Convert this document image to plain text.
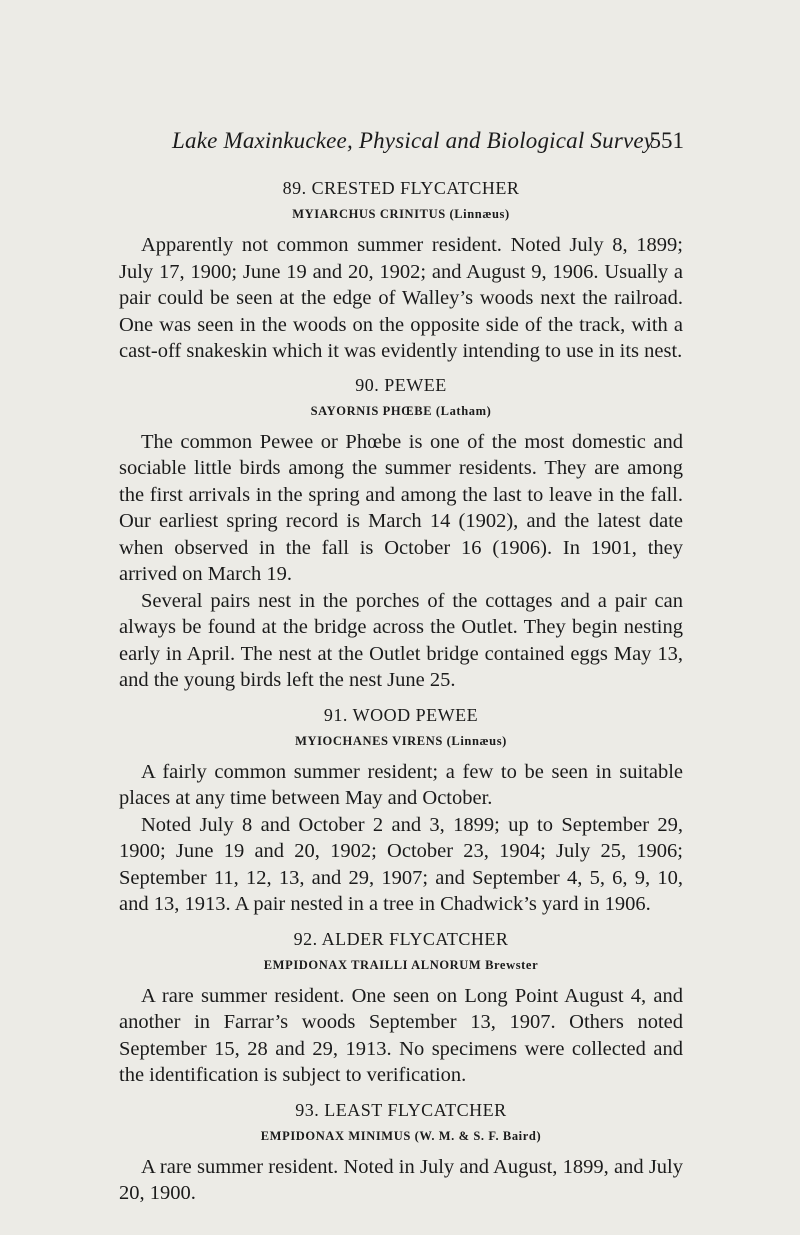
Lake Maxinkuckee, Physical and Biological Survey
551
89. CRESTED FLYCATCHER
MYIARCHUS CRINITUS (Linnæus)

Apparently not common summer resident. Noted July 8, 1899; July 17, 1900; June 19 and 20, 1902; and August 9, 1906. Usually a pair could be seen at the edge of Walley’s woods next the railroad. One was seen in the woods on the opposite side of the track, with a cast-off snakeskin which it was evidently intending to use in its nest.

90. PEWEE
SAYORNIS PHŒBE (Latham)

The common Pewee or Phœbe is one of the most domestic and sociable little birds among the summer residents. They are among the first arrivals in the spring and among the last to leave in the fall. Our earliest spring record is March 14 (1902), and the latest date when observed in the fall is October 16 (1906). In 1901, they arrived on March 19.

Several pairs nest in the porches of the cottages and a pair can always be found at the bridge across the Outlet. They begin nesting early in April. The nest at the Outlet bridge contained eggs May 13, and the young birds left the nest June 25.

91. WOOD PEWEE
MYIOCHANES VIRENS (Linnæus)

A fairly common summer resident; a few to be seen in suitable places at any time between May and October.

Noted July 8 and October 2 and 3, 1899; up to September 29, 1900; June 19 and 20, 1902; October 23, 1904; July 25, 1906; September 11, 12, 13, and 29, 1907; and September 4, 5, 6, 9, 10, and 13, 1913. A pair nested in a tree in Chadwick’s yard in 1906.

92. ALDER FLYCATCHER
EMPIDONAX TRAILLI ALNORUM Brewster

A rare summer resident. One seen on Long Point August 4, and another in Farrar’s woods September 13, 1907. Others noted September 15, 28 and 29, 1913. No specimens were collected and the identification is subject to verification.

93. LEAST FLYCATCHER
EMPIDONAX MINIMUS (W. M. & S. F. Baird)

A rare summer resident. Noted in July and August, 1899, and July 20, 1900.
